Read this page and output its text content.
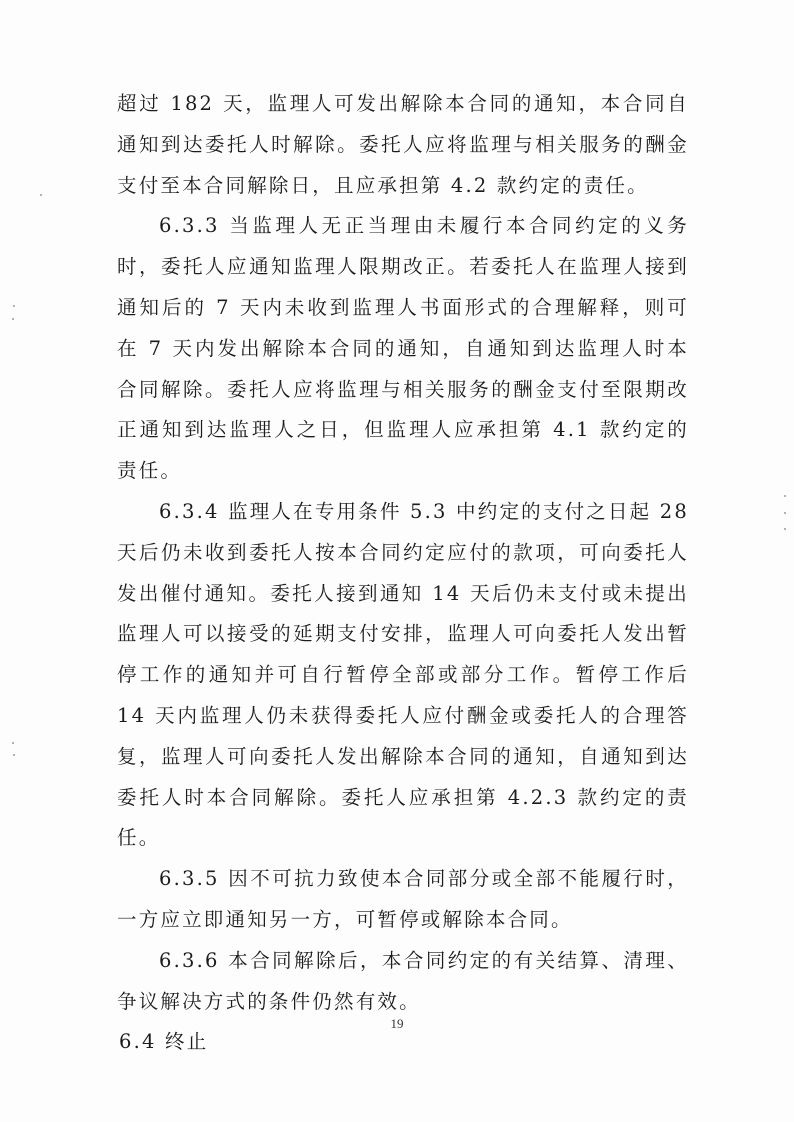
超过 182 天，监理人可发出解除本合同的通知，本合同自通知到达委托人时解除。委托人应将监理与相关服务的酬金支付至本合同解除日，且应承担第 4.2 款约定的责任。

6.3.3 当监理人无正当理由未履行本合同约定的义务时，委托人应通知监理人限期改正。若委托人在监理人接到通知后的 7 天内未收到监理人书面形式的合理解释，则可在 7 天内发出解除本合同的通知，自通知到达监理人时本合同解除。委托人应将监理与相关服务的酬金支付至限期改正通知到达监理人之日，但监理人应承担第 4.1 款约定的责任。

6.3.4 监理人在专用条件 5.3 中约定的支付之日起 28 天后仍未收到委托人按本合同约定应付的款项，可向委托人发出催付通知。委托人接到通知 14 天后仍未支付或未提出监理人可以接受的延期支付安排，监理人可向委托人发出暂停工作的通知并可自行暂停全部或部分工作。暂停工作后 14 天内监理人仍未获得委托人应付酬金或委托人的合理答复，监理人可向委托人发出解除本合同的通知，自通知到达委托人时本合同解除。委托人应承担第 4.2.3 款约定的责任。

6.3.5 因不可抗力致使本合同部分或全部不能履行时，一方应立即通知另一方，可暂停或解除本合同。

6.3.6 本合同解除后，本合同约定的有关结算、清理、争议解决方式的条件仍然有效。

6.4 终止

19
